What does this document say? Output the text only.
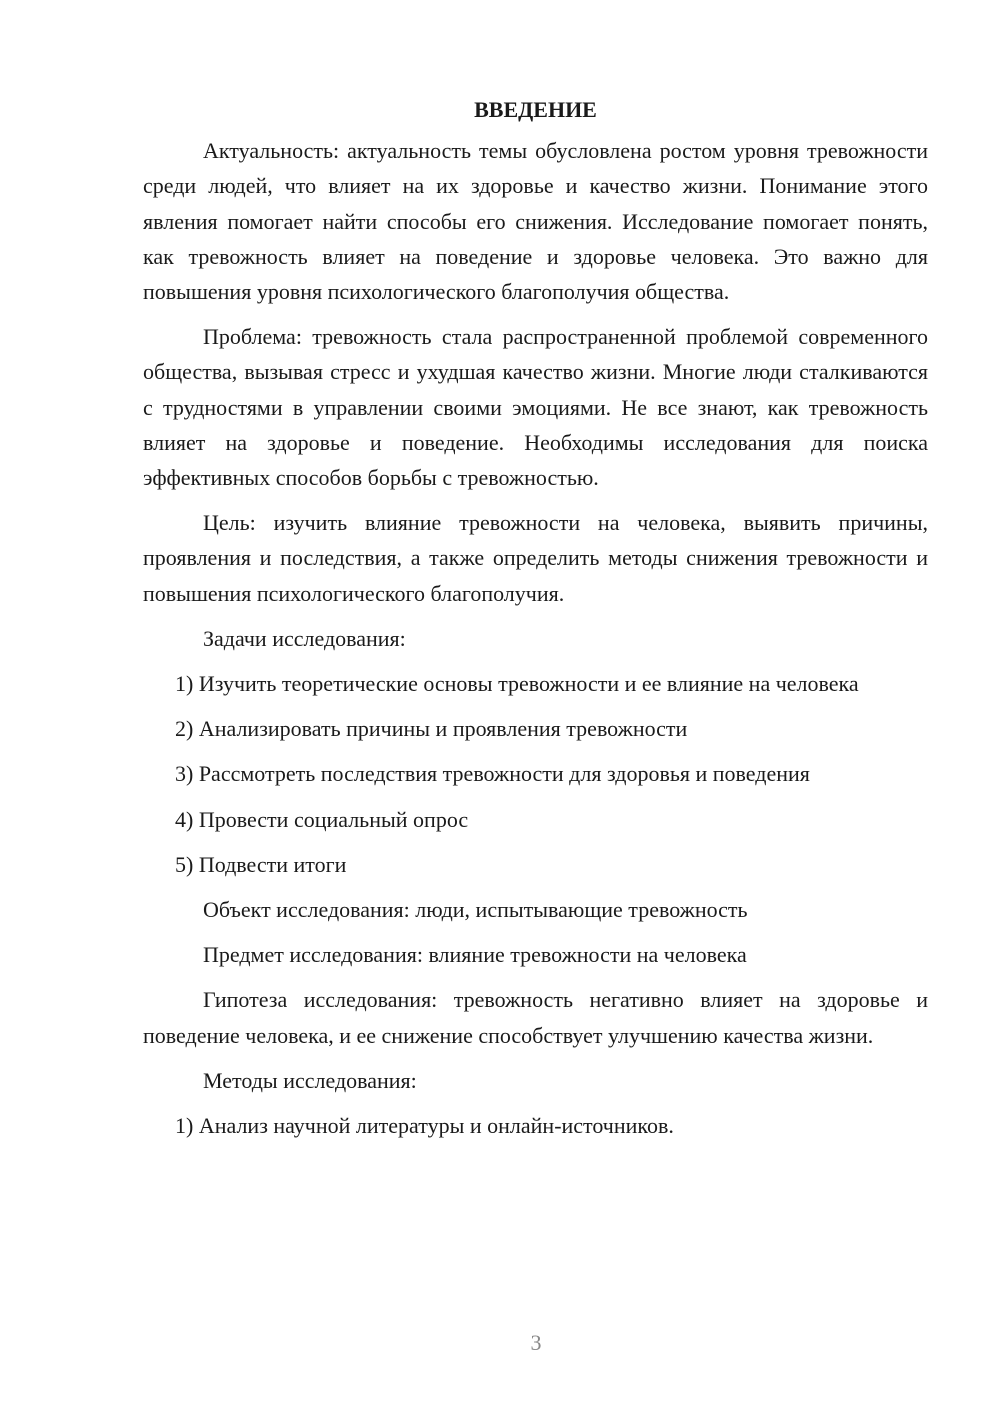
ВВЕДЕНИЕ
Актуальность: актуальность темы обусловлена ростом уровня тревожности среди людей, что влияет на их здоровье и качество жизни. Понимание этого явления помогает найти способы его снижения. Исследование помогает понять, как тревожность влияет на поведение и здоровье человека. Это важно для повышения уровня психологического благополучия общества.
Проблема: тревожность стала распространенной проблемой современного общества, вызывая стресс и ухудшая качество жизни. Многие люди сталкиваются с трудностями в управлении своими эмоциями. Не все знают, как тревожность влияет на здоровье и поведение. Необходимы исследования для поиска эффективных способов борьбы с тревожностью.
Цель: изучить влияние тревожности на человека, выявить причины, проявления и последствия, а также определить методы снижения тревожности и повышения психологического благополучия.
Задачи исследования:
1) Изучить теоретические основы тревожности и ее влияние на человека
2) Анализировать причины и проявления тревожности
3) Рассмотреть последствия тревожности для здоровья и поведения
4) Провести социальный опрос
5) Подвести итоги
Объект исследования: люди, испытывающие тревожность
Предмет исследования: влияние тревожности на человека
Гипотеза исследования: тревожность негативно влияет на здоровье и поведение человека, и ее снижение способствует улучшению качества жизни.
Методы исследования:
1) Анализ научной литературы и онлайн-источников.
3
